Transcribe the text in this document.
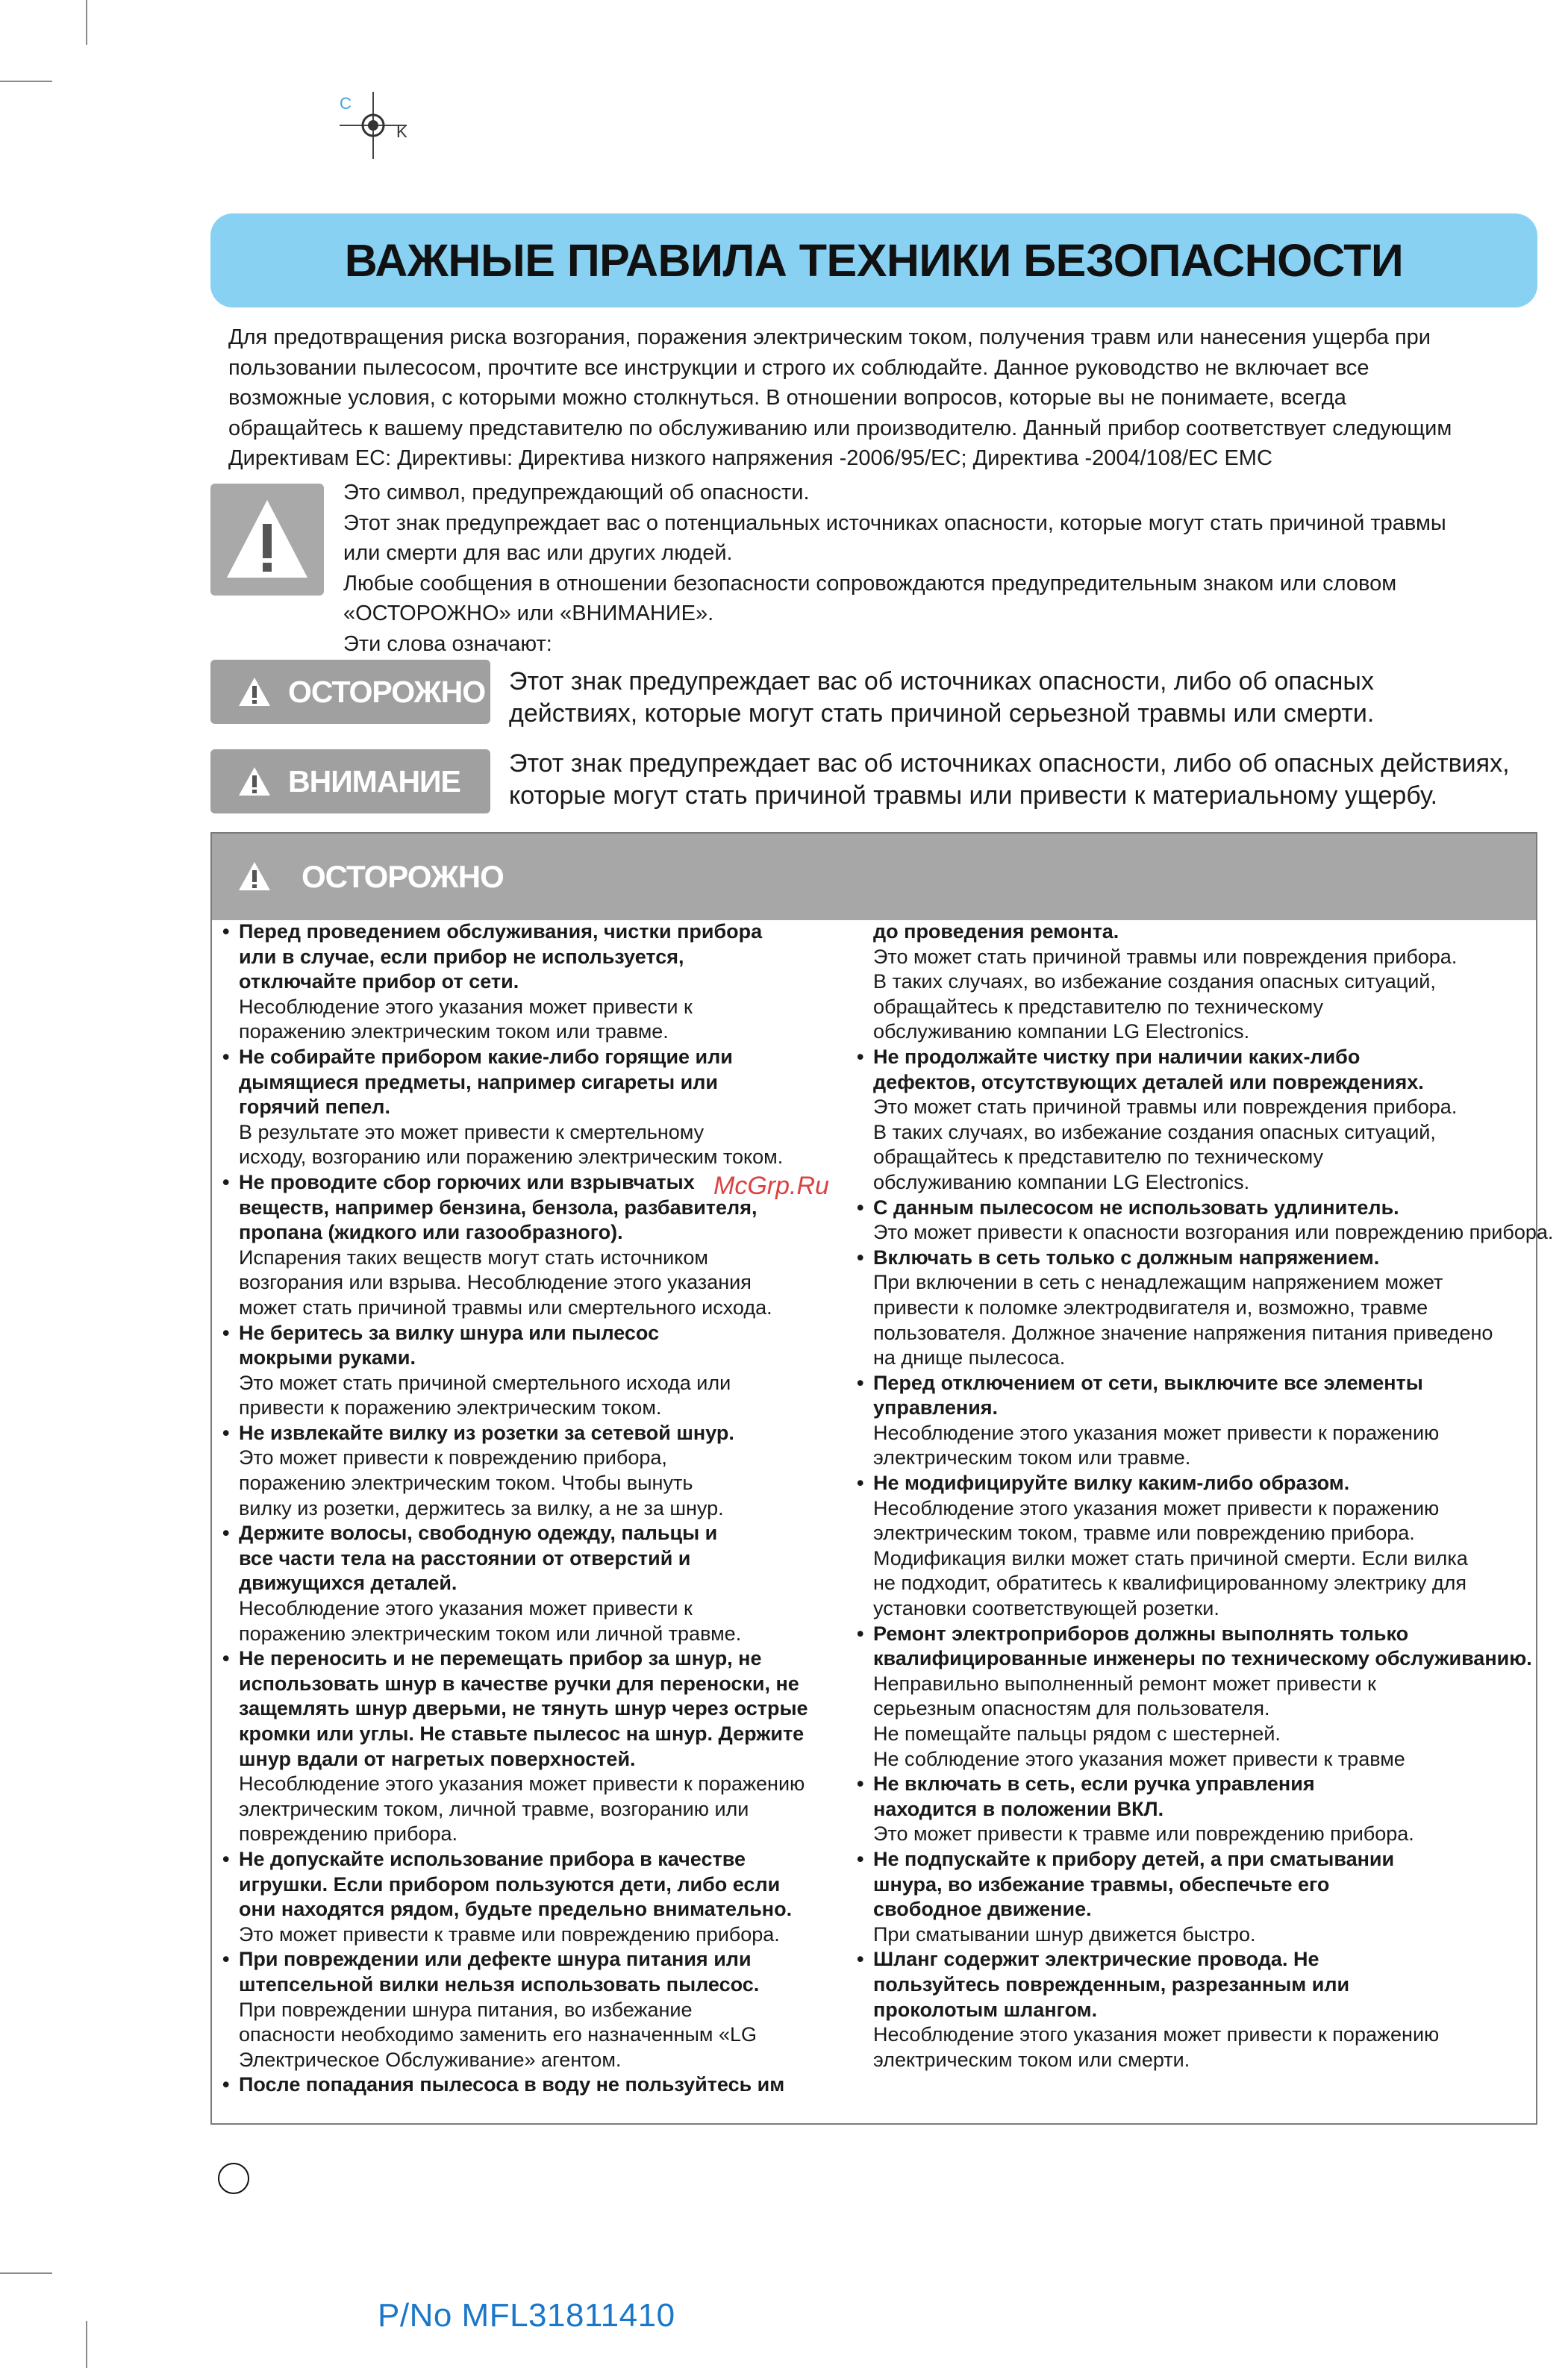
C
K
ВАЖНЫЕ ПРАВИЛА ТЕХНИКИ БЕЗОПАСНОСТИ

Для предотвращения риска возгорания, поражения электрическим током, получения травм или нанесения ущерба при

пользовании пылесосом, прочтите все инструкции и строго их соблюдайте. Данное руководство не включает все

возможные условия, с которыми можно столкнуться. В отношении вопросов, которые вы не понимаете, всегда

обращайтесь к вашему представителю по обслуживанию или производителю. Данный прибор соответствует следующим

Директивам ЕС: Директивы: Директива низкого напряжения -2006/95/ЕС; Директива -2004/108/ЕС EMC

Это символ, предупреждающий об опасности.

Этот знак предупреждает вас о потенциальных источниках опасности, которые могут стать причиной травмы

или смерти для вас или других людей.

Любые сообщения в отношении безопасности сопровождаются предупредительным знаком или словом

«ОСТОРОЖНО» или «ВНИМАНИЕ».

Эти слова означают:

ОСТОРОЖНО Этот знак предупреждает вас об источниках опасности, либо об опасных

действиях, которые могут стать причиной серьезной травмы или смерти.

ВНИМАНИЕ

Этот знак предупреждает вас об источниках опасности, либо об опасных действиях,

которые могут стать причиной травмы или привести к материальному ущербу.

ОСТОРОЖНО

• Перед проведением обслуживания, чистки прибора

или в случае, если прибор не используется,

отключайте прибор от сети.

Несоблюдение этого указания может привести к

поражению электрическим током или травме.

• Не собирайте прибором какие-либо горящие или

дымящиеся предметы, например сигареты или

горячий пепел.

В результате это может привести к смертельному

исходу, возгоранию или поражению электрическим током.

• Не проводите сбор горючих или взрывчатых

веществ, например бензина, бензола, разбавителя,

пропана (жидкого или газообразного).

Испарения таких веществ могут стать источником

возгорания или взрыва. Несоблюдение этого указания

может стать причиной травмы или смертельного исхода.

• Не беритесь за вилку шнура или пылесос

мокрыми руками.

Это может стать причиной смертельного исхода или

привести к поражению электрическим током.

• Не извлекайте вилку из розетки за сетевой шнур.

Это может привести к повреждению прибора,

поражению электрическим током. Чтобы вынуть

вилку из розетки, держитесь за вилку, а не за шнур.

• Держите волосы, свободную одежду, пальцы и

все части тела на расстоянии от отверстий и

движущихся деталей.

Несоблюдение этого указания может привести к

поражению электрическим током или личной травме.

• Не переносить и не перемещать прибор за шнур, не

использовать шнур в качестве ручки для переноски, не

защемлять шнур дверьми, не тянуть шнур через острые

кромки или углы. Не ставьте пылесос на шнур. Держите

шнур вдали от нагретых поверхностей.

Несоблюдение этого указания может привести к поражению

электрическим током, личной травме, возгоранию или

повреждению прибора.

• Не допускайте использование прибора в качестве

игрушки. Если прибором пользуются дети, либо если

они находятся рядом, будьте предельно внимательно.

Это может привести к травме или повреждению прибора.

• При повреждении или дефекте шнура питания или

штепсельной вилки нельзя использовать пылесос.

При повреждении шнура питания, во избежание

опасности необходимо заменить его назначенным «LG

Электрическое Обслуживание» агентом.

• После попадания пылесоса в воду не пользуйтесь им

до проведения ремонта.

Это может стать причиной травмы или повреждения прибора.

В таких случаях, во избежание создания опасных ситуаций,

обращайтесь к представителю по техническому

обслуживанию компании LG Electronics.

• Не продолжайте чистку при наличии каких-либо

дефектов, отсутствующих деталей или повреждениях.

Это может стать причиной травмы или повреждения прибора.

В таких случаях, во избежание создания опасных ситуаций,

обращайтесь к представителю по техническому

обслуживанию компании LG Electronics.

• С данным пылесосом не использовать удлинитель.

Это может привести к опасности возгорания или повреждению прибора.

• Включать в сеть только с должным напряжением.

При включении в сеть с ненадлежащим напряжением может

привести к поломке электродвигателя и, возможно, травме

пользователя. Должное значение напряжения питания приведено

на днище пылесоса.

• Перед отключением от сети, выключите все элементы

управления.

Несоблюдение этого указания может привести к поражению

электрическим током или травме.

• Не модифицируйте вилку каким-либо образом.

Несоблюдение этого указания может привести к поражению

электрическим током, травме или повреждению прибора.

Модификация вилки может стать причиной смерти. Если вилка

не подходит, обратитесь к квалифицированному электрику для

установки соответствующей розетки.

• Ремонт электроприборов должны выполнять только

квалифицированные инженеры по техническому обслуживанию.

Неправильно выполненный ремонт может привести к

серьезным опасностям для пользователя.

Не помещайте пальцы рядом с шестерней.

Не соблюдение этого указания может привести к травме

• Не включать в сеть, если ручка управления

находится в положении ВКЛ.

Это может привести к травме или повреждению прибора.

• Не подпускайте к прибору детей, а при сматывании

шнура, во избежание травмы, обеспечьте его

свободное движение.

При сматывании шнур движется быстро.

• Шланг содержит электрические провода. Не

пользуйтесь поврежденным, разрезанным или

проколотым шлангом.

Несоблюдение этого указания может привести к поражению

электрическим током или смерти.

McGrp.Ru
P/No MFL31811410
